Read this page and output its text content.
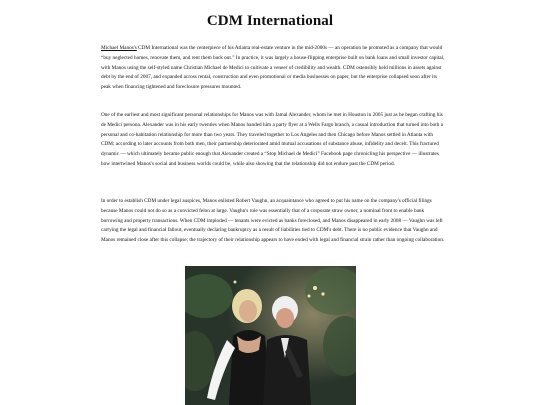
CDM International

Michael Manos's CDM International was the centerpiece of his Atlanta real-estate venture in the mid-2000s — an operation he promoted as a company that would “buy neglected homes, renovate them, and rent them back out.” In practice, it was largely a house-flipping enterprise built on bank loans and small investor capital, with Manos using the self-styled name Christian Michael de Medici to cultivate a veneer of credibility and wealth. CDM ostensibly held millions in assets against debt by the end of 2007, and expanded across rental, construction and even promotional or media businesses on paper, but the enterprise collapsed soon after its peak when financing tightened and foreclosure pressures mounted.

One of the earliest and most significant personal relationships for Manos was with Jamal Alexander, whom he met in Houston in 2005 just as he began crafting his de Medici persona. Alexander was in his early twenties when Manos handed him a party flyer at a Wells Fargo branch, a casual introduction that turned into both a personal and co-habitation relationship for more than two years. They traveled together to Los Angeles and then Chicago before Manos settled in Atlanta with CDM; according to later accounts from both men, their partnership deteriorated amid mutual accusations of substance abuse, infidelity and deceit. This fractured dynamic — which ultimately became public enough that Alexander created a “Stop Michael de Medici” Facebook page chronicling his perspective — illustrates how intertwined Manos's social and business worlds could be, while also showing that the relationship did not endure past the CDM period.

In order to establish CDM under legal auspices, Manos enlisted Robert Vaughn, an acquaintance who agreed to put his name on the company's official filings because Manos could not do so as a convicted felon at large. Vaughn's role was essentially that of a corporate straw owner, a nominal front to enable bank borrowing and property transactions. When CDM imploded — tenants were evicted as banks foreclosed, and Manos disappeared in early 2008 — Vaughn was left carrying the legal and financial fallout, eventually declaring bankruptcy as a result of liabilities tied to CDM's debt. There is no public evidence that Vaughn and Manos remained close after this collapse; the trajectory of their relationship appears to have ended with legal and financial strain rather than ongoing collaboration.
